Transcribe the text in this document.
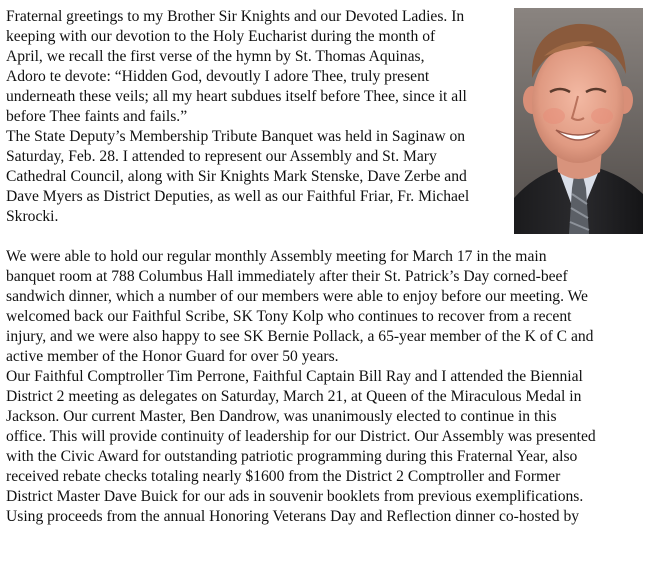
Fraternal greetings to my Brother Sir Knights and our Devoted Ladies. In
keeping with our devotion to the Holy Eucharist during the month of
April, we recall the first verse of the hymn by St. Thomas Aquinas,
Adoro te devote: “Hidden God, devoutly I adore Thee, truly present
underneath these veils; all my heart subdues itself before Thee, since it all
before Thee faints and fails.”
The State Deputy’s Membership Tribute Banquet was held in Saginaw on
Saturday, Feb. 28. I attended to represent our Assembly and St. Mary
Cathedral Council, along with Sir Knights Mark Stenske, Dave Zerbe and
Dave Myers as District Deputies, as well as our Faithful Friar, Fr. Michael
Skrocki.
We were able to hold our regular monthly Assembly meeting for March 17 in the main
banquet room at 788 Columbus Hall immediately after their St. Patrick’s Day corned-beef
sandwich dinner, which a number of our members were able to enjoy before our meeting. We
welcomed back our Faithful Scribe, SK Tony Kolp who continues to recover from a recent
injury, and we were also happy to see SK Bernie Pollack, a 65-year member of the K of C and
active member of the Honor Guard for over 50 years.
Our Faithful Comptroller Tim Perrone, Faithful Captain Bill Ray and I attended the Biennial
District 2 meeting as delegates on Saturday, March 21, at Queen of the Miraculous Medal in
Jackson. Our current Master, Ben Dandrow, was unanimously elected to continue in this
office. This will provide continuity of leadership for our District. Our Assembly was presented
with the Civic Award for outstanding patriotic programming during this Fraternal Year, also
received rebate checks totaling nearly $1600 from the District 2 Comptroller and Former
District Master Dave Buick for our ads in souvenir booklets from previous exemplifications.
Using proceeds from the annual Honoring Veterans Day and Reflection dinner co-hosted by
